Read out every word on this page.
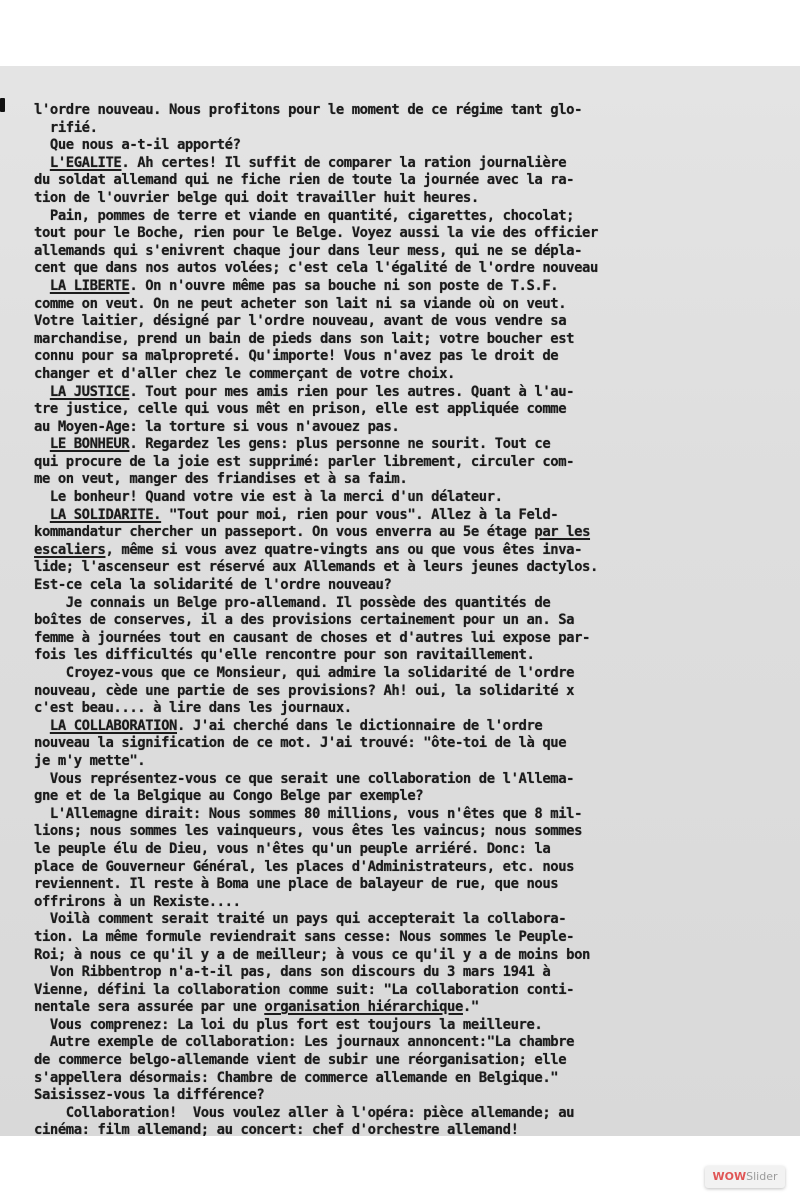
l'ordre nouveau. Nous profitons pour le moment de ce régime tant glo-
rifié.
Que nous a-t-il apporté?
L'EGALITE. Ah certes! Il suffit de comparer la ration journalière
du soldat allemand qui ne fiche rien de toute la journée avec la ra-
tion de l'ouvrier belge qui doit travailler huit heures.
Pain, pommes de terre et viande en quantité, cigarettes, chocolat;
tout pour le Boche, rien pour le Belge. Voyez aussi la vie des officier
allemands qui s'enivrent chaque jour dans leur mess, qui ne se dépla-
cent que dans nos autos volées; c'est cela l'égalité de l'ordre nouveau
LA LIBERTE. On n'ouvre même pas sa bouche ni son poste de T.S.F.
comme on veut. On ne peut acheter son lait ni sa viande où on veut.
Votre laitier, désigné par l'ordre nouveau, avant de vous vendre sa
marchandise, prend un bain de pieds dans son lait; votre boucher est
connu pour sa malpropreté. Qu'importe! Vous n'avez pas le droit de
changer et d'aller chez le commerçant de votre choix.
LA JUSTICE. Tout pour mes amis rien pour les autres. Quant à l'au-
tre justice, celle qui vous mêt en prison, elle est appliquée comme
au Moyen-Age: la torture si vous n'avouez pas.
LE BONHEUR. Regardez les gens: plus personne ne sourit. Tout ce
qui procure de la joie est supprimé: parler librement, circuler com-
me on veut, manger des friandises et à sa faim.
Le bonheur! Quand votre vie est à la merci d'un délateur.
LA SOLIDARITE. "Tout pour moi, rien pour vous". Allez à la Feld-
kommandatur chercher un passeport. On vous enverra au 5e étage par les
escaliers, même si vous avez quatre-vingts ans ou que vous êtes inva-
lide; l'ascenseur est réservé aux Allemands et à leurs jeunes dactylos.
Est-ce cela la solidarité de l'ordre nouveau?
Je connais un Belge pro-allemand. Il possède des quantités de
boîtes de conserves, il a des provisions certainement pour un an. Sa
femme à journées tout en causant de choses et d'autres lui expose par-
fois les difficultés qu'elle rencontre pour son ravitaillement.
Croyez-vous que ce Monsieur, qui admire la solidarité de l'ordre
nouveau, cède une partie de ses provisions? Ah! oui, la solidarité x
c'est beau.... à lire dans les journaux.
LA COLLABORATION. J'ai cherché dans le dictionnaire de l'ordre
nouveau la signification de ce mot. J'ai trouvé: "ôte-toi de là que
je m'y mette".
Vous représentez-vous ce que serait une collaboration de l'Allema-
gne et de la Belgique au Congo Belge par exemple?
L'Allemagne dirait: Nous sommes 80 millions, vous n'êtes que 8 mil-
lions; nous sommes les vainqueurs, vous êtes les vaincus; nous sommes
le peuple élu de Dieu, vous n'êtes qu'un peuple arriéré. Donc: la
place de Gouverneur Général, les places d'Administrateurs, etc. nous
reviennent. Il reste à Boma une place de balayeur de rue, que nous
offrirons à un Rexiste....
Voilà comment serait traité un pays qui accepterait la collabora-
tion. La même formule reviendrait sans cesse: Nous sommes le Peuple-
Roi; à nous ce qu'il y a de meilleur; à vous ce qu'il y a de moins bon
Von Ribbentrop n'a-t-il pas, dans son discours du 3 mars 1941 à
Vienne, défini la collaboration comme suit: "La collaboration conti-
nentale sera assurée par une organisation hiérarchique."
Vous comprenez: La loi du plus fort est toujours la meilleure.
Autre exemple de collaboration: Les journaux annoncent:"La chambre
de commerce belgo-allemande vient de subir une réorganisation; elle
s'appellera désormais: Chambre de commerce allemande en Belgique."
Saisissez-vous la différence?
Collaboration!  Vous voulez aller à l'opéra: pièce allemande; au
cinéma: film allemand; au concert: chef d'orchestre allemand!
WOWSlider
